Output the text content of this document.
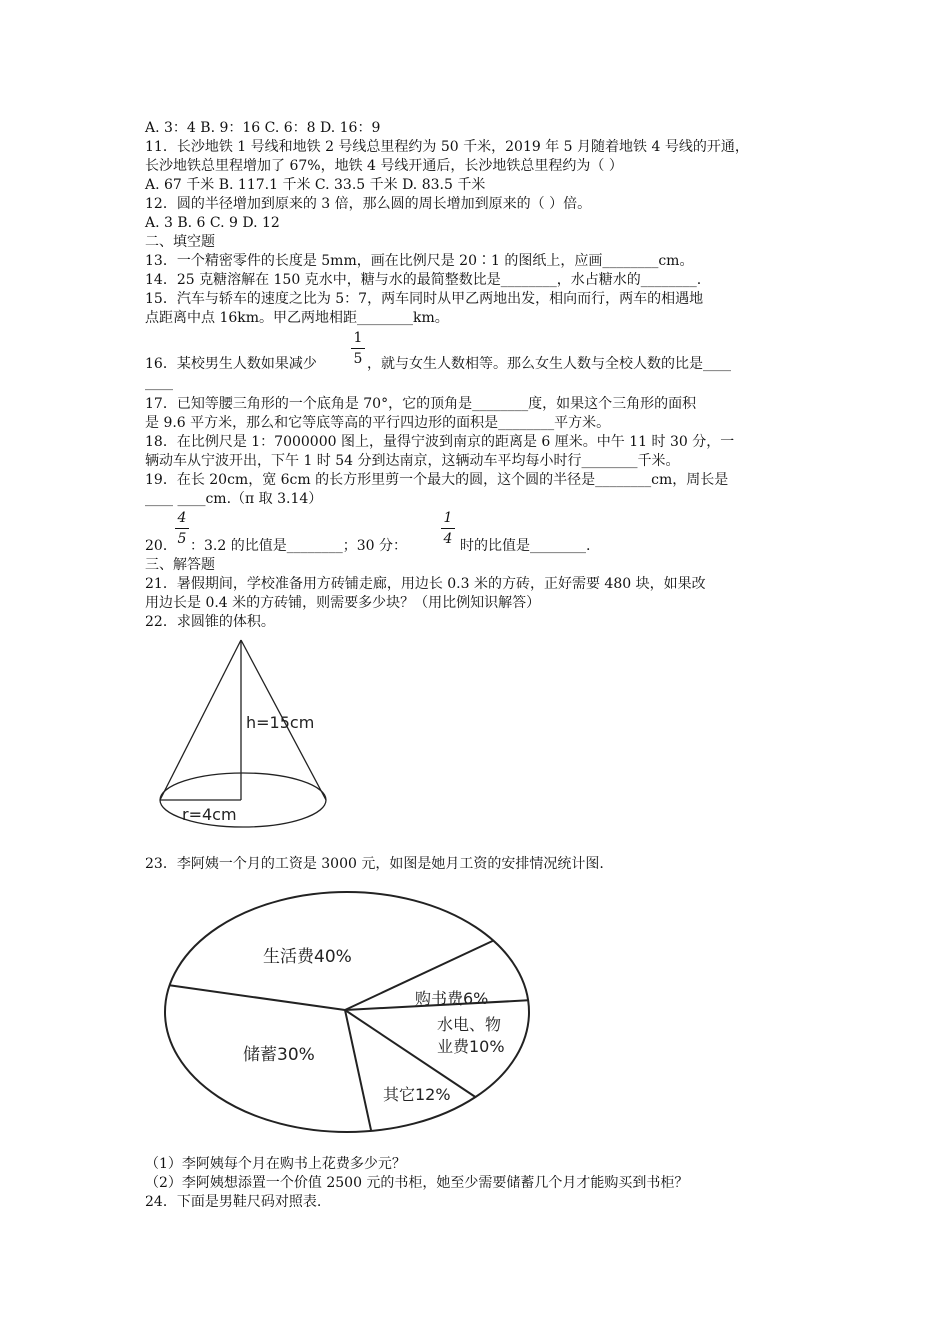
A. 3：4 B. 9：16 C. 6：8 D. 16：9

11．长沙地铁 1 号线和地铁 2 号线总里程约为 50 千米，2019 年 5 月随着地铁 4 号线的开通，

长沙地铁总里程增加了 67%，地铁 4 号线开通后，长沙地铁总里程约为（ ）

A. 67 千米 B. 117.1 千米 C. 33.5 千米 D. 83.5 千米

12．圆的半径增加到原来的 3 倍，那么圆的周长增加到原来的（ ）倍。

A. 3 B. 6 C. 9 D. 12

二、填空题

13．一个精密零件的长度是 5mm，画在比例尺是 20∶1 的图纸上，应画________cm。

14．25 克糖溶解在 150 克水中，糖与水的最简整数比是________，水占糖水的________.

15．汽车与轿车的速度之比为 5：7，两车同时从甲乙两地出发，相向而行，两车的相遇地

点距离中点 16km。甲乙两地相距________km。

16．某校男生人数如果减少

1
5 ，就与女生人数相等。那么女生人数与全校人数的比是____

____

17．已知等腰三角形的一个底角是 70°，它的顶角是________度，如果这个三角形的面积

是 9.6 平方米，那么和它等底等高的平行四边形的面积是________平方米。

18．在比例尺是 1：7000000 图上，量得宁波到南京的距离是 6 厘米。中午 11 时 30 分，一

辆动车从宁波开出，下午 1 时 54 分到达南京，这辆动车平均每小时行________千米。

19．在长 20cm，宽 6cm 的长方形里剪一个最大的圆，这个圆的半径是________cm，周长是

____ ____cm.（π 取 3.14）

20．

4
5 ：3.2 的比值是________；30 分：

1
4 时的比值是________.

三、解答题

21．暑假期间，学校准备用方砖铺走廊，用边长 0.3 米的方砖，正好需要 480 块，如果改

用边长是 0.4 米的方砖铺，则需要多少块？（用比例知识解答）

22．求圆锥的体积。

h=15cm
r=4cm

23．李阿姨一个月的工资是 3000 元，如图是她月工资的安排情况统计图.

生活费40%
购书费6%
水电、物
业费10%
储蓄30%
其它12%

（1）李阿姨每个月在购书上花费多少元？

（2）李阿姨想添置一个价值 2500 元的书柜，她至少需要储蓄几个月才能购买到书柜？

24．下面是男鞋尺码对照表.
